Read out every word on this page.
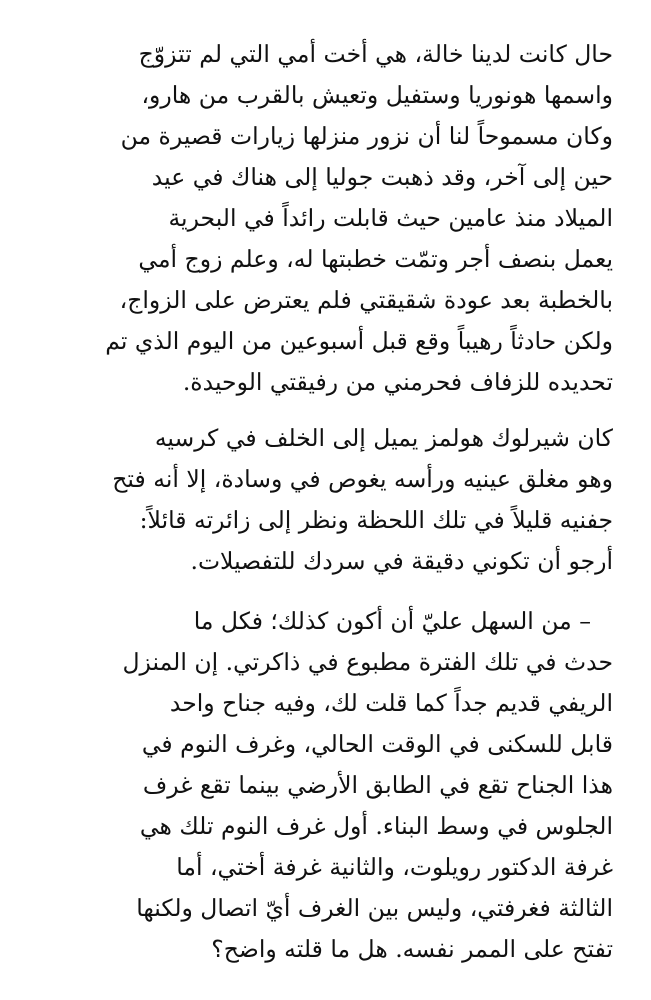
حال كانت لدينا خالة، هي أخت أمي التي لم تتزوّج
واسمها هونوريا وستفيل وتعيش بالقرب من هارو،
وكان مسموحاً لنا أن نزور منزلها زيارات قصيرة من
حين إلى آخر، وقد ذهبت جوليا إلى هناك في عيد
الميلاد منذ عامين حيث قابلت رائداً في البحرية
يعمل بنصف أجر وتمّت خطبتها له، وعلم زوج أمي
بالخطبة بعد عودة شقيقتي فلم يعترض على الزواج،
ولكن حادثاً رهيباً وقع قبل أسبوعين من اليوم الذي تم
تحديده للزفاف فحرمني من رفيقتي الوحيدة.

كان شيرلوك هولمز يميل إلى الخلف في كرسيه
وهو مغلق عينيه ورأسه يغوص في وسادة، إلا أنه فتح
جفنيه قليلاً في تلك اللحظة ونظر إلى زائرته قائلاً:
أرجو أن تكوني دقيقة في سردك للتفصيلات.

– من السهل عليّ أن أكون كذلك؛ فكل ما
حدث في تلك الفترة مطبوع في ذاكرتي. إن المنزل
الريفي قديم جداً كما قلت لك، وفيه جناح واحد
قابل للسكنى في الوقت الحالي، وغرف النوم في
هذا الجناح تقع في الطابق الأرضي بينما تقع غرف
الجلوس في وسط البناء. أول غرف النوم تلك هي
غرفة الدكتور رويلوت، والثانية غرفة أختي، أما
الثالثة فغرفتي، وليس بين الغرف أيّ اتصال ولكنها
تفتح على الممر نفسه. هل ما قلته واضح؟
